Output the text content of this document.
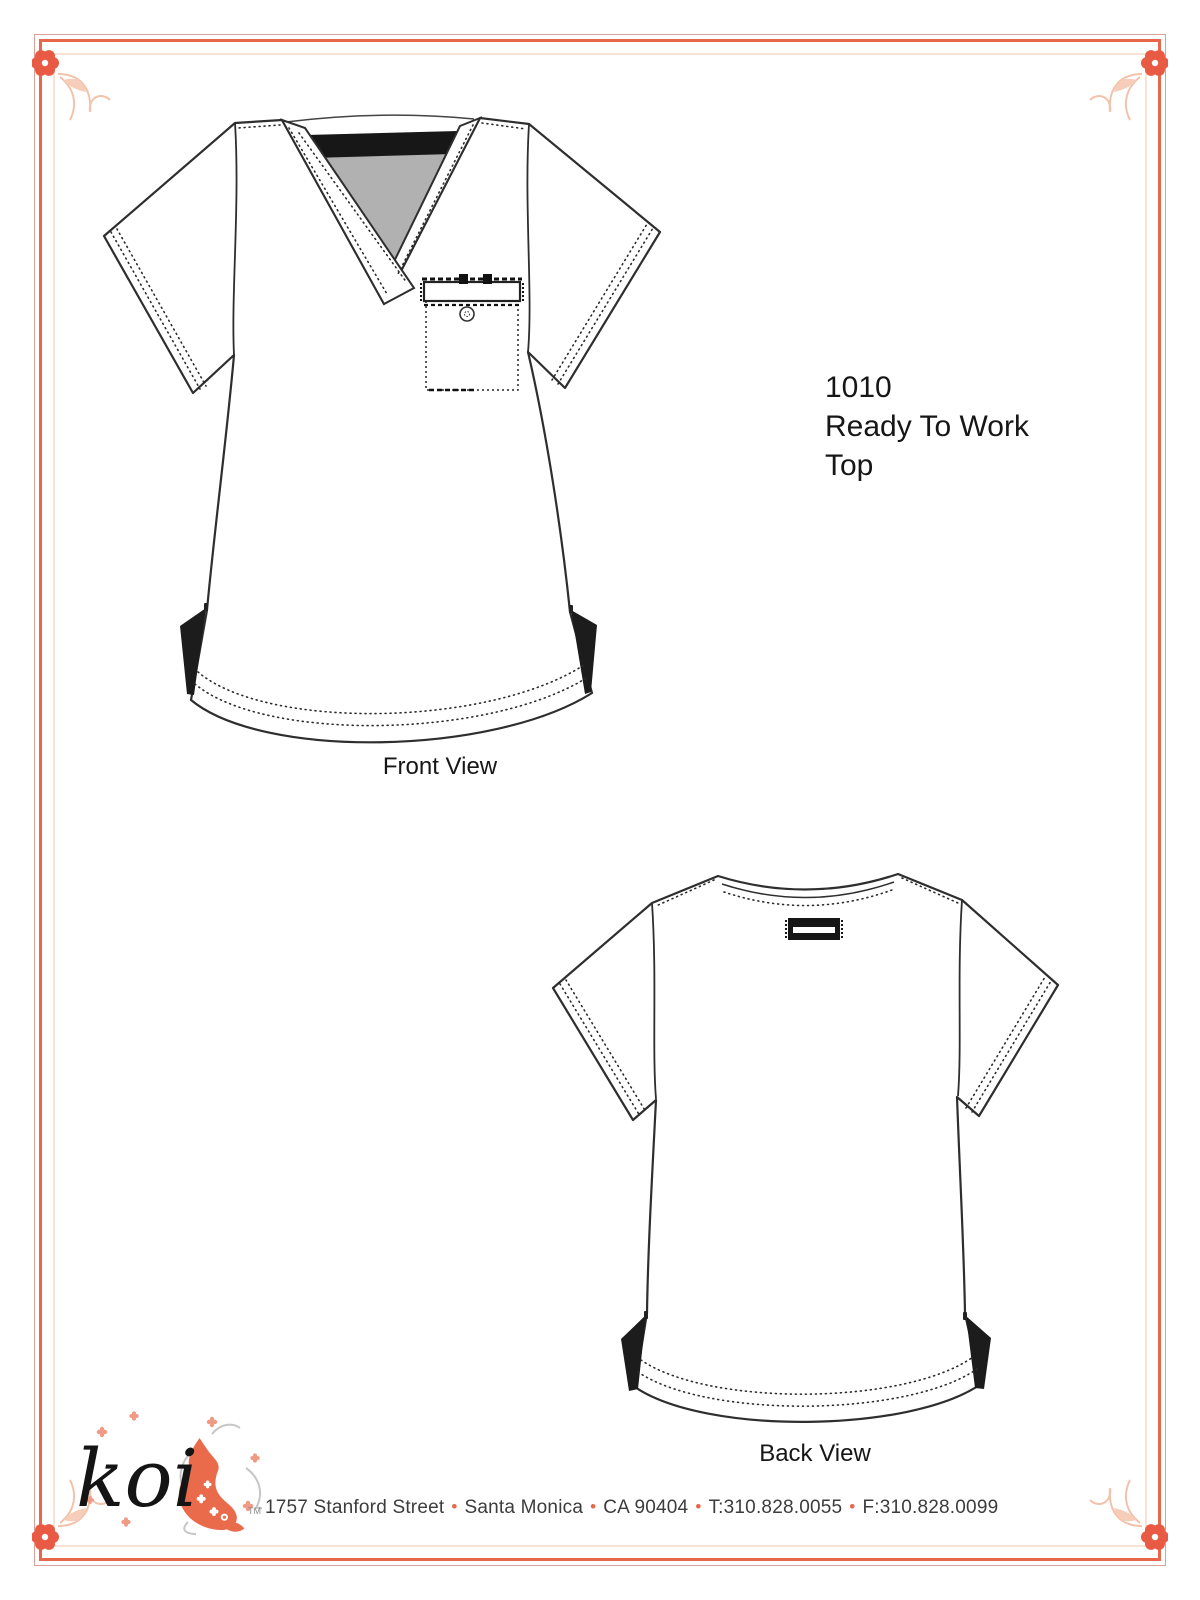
1010
Ready To Work
Top
Front View
Back View
koi	TM 1757 Stanford Street • Santa Monica • CA 90404 • T:310.828.0055 • F:310.828.0099
